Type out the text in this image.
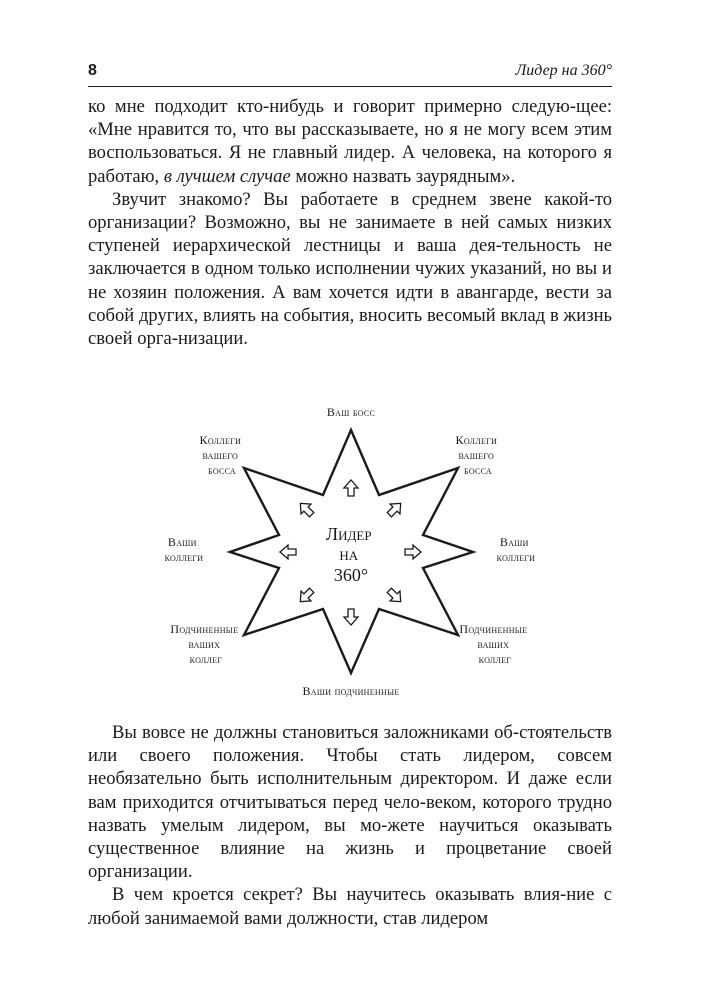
8	Лидер на 360°

ко мне подходит кто-нибудь и говорит примерно следую-щее: «Мне нравится то, что вы рассказываете, но я не могу всем этим воспользоваться. Я не главный лидер. А человека, на которого я работаю, в лучшем случае можно назвать заурядным».

Звучит знакомо? Вы работаете в среднем звене какой-то организации? Возможно, вы не занимаете в ней самых низких ступеней иерархической лестницы и ваша дея-тельность не заключается в одном только исполнении чужих указаний, но вы и не хозяин положения. А вам хочется идти в авангарде, вести за собой других, влиять на события, вносить весомый вклад в жизнь своей орга-низации.

Лидер на 360°
Ваш босс
Коллеги вашего босса
Коллеги вашего босса
Ваши коллеги
Ваши коллеги
Подчиненные ваших коллег
Подчиненные ваших коллег
Ваши подчиненные

Вы вовсе не должны становиться заложниками об-стоятельств или своего положения. Чтобы стать лидером, совсем необязательно быть исполнительным директором. И даже если вам приходится отчитываться перед чело-веком, которого трудно назвать умелым лидером, вы мо-жете научиться оказывать существенное влияние на жизнь и процветание своей организации.

В чем кроется секрет? Вы научитесь оказывать влия-ние с любой занимаемой вами должности, став лидером
